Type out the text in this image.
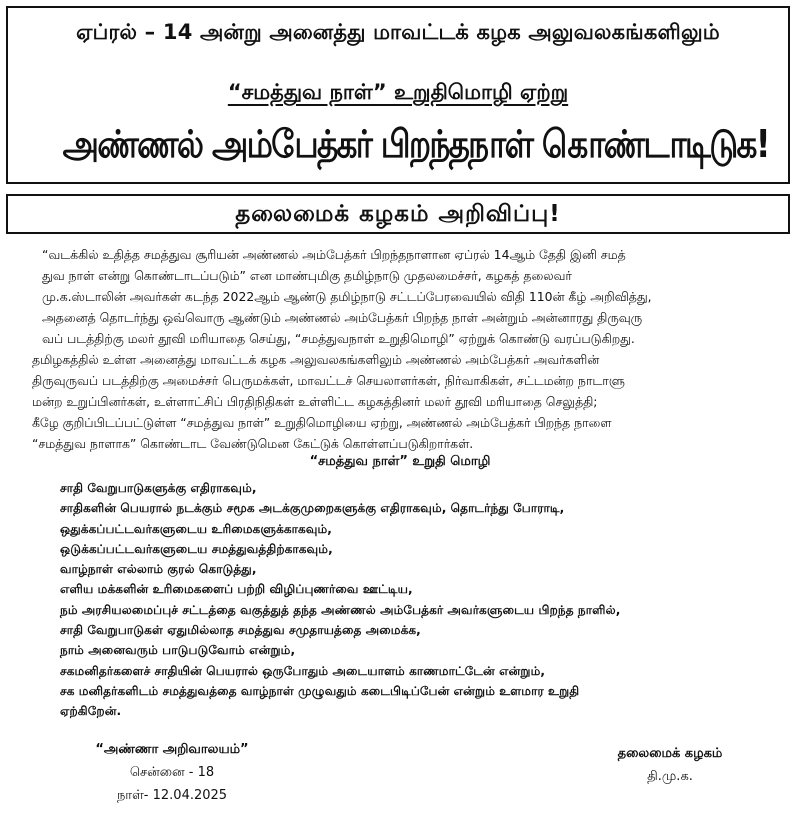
ஏப்ரல் – 14 அன்று அனைத்து மாவட்டக் கழக அலுவலகங்களிலும்
“சமத்துவ நாள்” உறுதிமொழி ஏற்று
அண்ணல் அம்பேத்கர் பிறந்தநாள் கொண்டாடிடுக!
தலைமைக் கழகம் அறிவிப்பு!
“வடக்கில் உதித்த சமத்துவ சூரியன் அண்ணல் அம்பேத்கர் பிறந்தநாளான ஏப்ரல் 14ஆம் தேதி இனி சமத்
துவ நாள் என்று கொண்டாடப்படும்” என மாண்புமிகு தமிழ்நாடு முதலமைச்சர், கழகத் தலைவர்
மு.க.ஸ்டாலின் அவர்கள் கடந்த 2022ஆம் ஆண்டு தமிழ்நாடு சட்டப்பேரவையில் விதி 110ன் கீழ் அறிவித்து,
அதனைத் தொடர்ந்து ஒவ்வொரு ஆண்டும் அண்ணல் அம்பேத்கர் பிறந்த நாள் அன்றும் அன்னாரது திருவுரு
வப் படத்திற்கு மலர் தூவி மரியாதை செய்து, “சமத்துவநாள் உறுதிமொழி” ஏற்றுக் கொண்டு வரப்படுகிறது.
தமிழகத்தில் உள்ள அனைத்து மாவட்டக் கழக அலுவலகங்களிலும் அண்ணல் அம்பேத்கர் அவர்களின்
திருவுருவப் படத்திற்கு அமைச்சர் பெருமக்கள், மாவட்டச் செயலாளர்கள், நிர்வாகிகள், சட்டமன்ற நாடாளு
மன்ற உறுப்பினர்கள், உள்ளாட்சிப் பிரதிநிதிகள் உள்ளிட்ட கழகத்தினர் மலர் தூவி மரியாதை செலுத்தி;
கீழே குறிப்பிடப்பட்டுள்ள “சமத்துவ நாள்” உறுதிமொழியை ஏற்று, அண்ணல் அம்பேத்கர் பிறந்த நாளை
“சமத்துவ நாளாக” கொண்டாட வேண்டுமென கேட்டுக் கொள்ளப்படுகிறார்கள்.
“சமத்துவ நாள்” உறுதி மொழி
சாதி வேறுபாடுகளுக்கு எதிராகவும்,
சாதிகளின் பெயரால் நடக்கும் சமூக அடக்குமுறைகளுக்கு எதிராகவும், தொடர்ந்து போராடி,
ஒதுக்கப்பட்டவர்களுடைய உரிமைகளுக்காகவும்,
ஒடுக்கப்பட்டவர்களுடைய சமத்துவத்திற்காகவும்,
வாழ்நாள் எல்லாம் குரல் கொடுத்து,
எளிய மக்களின் உரிமைகளைப் பற்றி விழிப்புணர்வை ஊட்டிய,
நம் அரசியலமைப்புச் சட்டத்தை வகுத்துத் தந்த அண்ணல் அம்பேத்கர் அவர்களுடைய பிறந்த நாளில்,
சாதி வேறுபாடுகள் ஏதுமில்லாத சமத்துவ சமுதாயத்தை அமைக்க,
நாம் அனைவரும் பாடுபடுவோம் என்றும்,
சகமனிதர்களைச் சாதியின் பெயரால் ஒருபோதும் அடையாளம் காணமாட்டேன் என்றும்,
சக மனிதர்களிடம் சமத்துவத்தை வாழ்நாள் முழுவதும் கடைபிடிப்பேன் என்றும் உளமார உறுதி
ஏற்கிறேன்.
“அண்ணா அறிவாலயம்”
சென்னை - 18
நாள்- 12.04.2025
தலைமைக் கழகம்
தி.மு.க.
